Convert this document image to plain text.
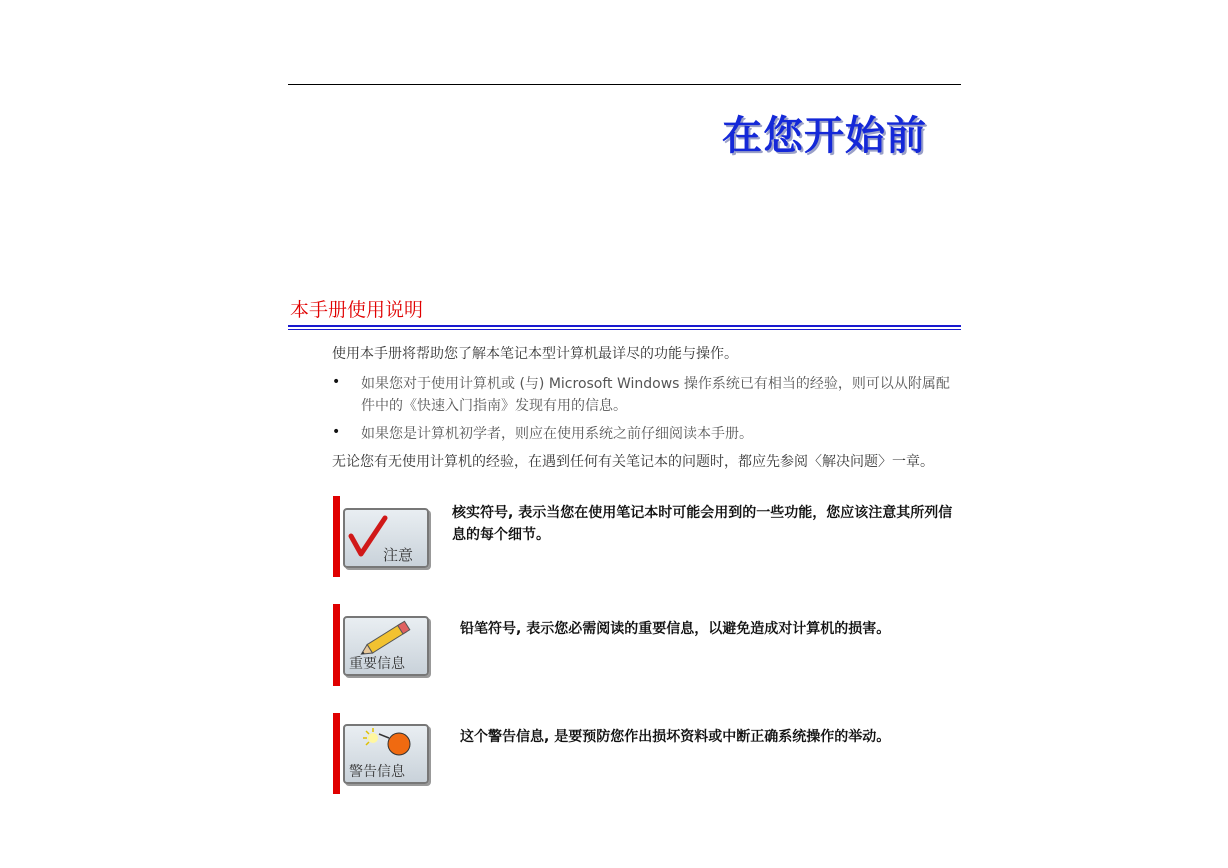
在您开始前
本手册使用说明
使用本手册将帮助您了解本笔记本型计算机最详尽的功能与操作。
• 如果您对于使用计算机或 (与) Microsoft Windows 操作系统已有相当的经验，则可以从附属配件中的《快速入门指南》发现有用的信息。
• 如果您是计算机初学者，则应在使用系统之前仔细阅读本手册。
无论您有无使用计算机的经验，在遇到任何有关笔记本的问题时，都应先参阅〈解决问题〉一章。
注意
核实符号, 表示当您在使用笔记本时可能会用到的一些功能，您应该注意其所列信息的每个细节。
重要信息
铅笔符号, 表示您必需阅读的重要信息，以避免造成对计算机的损害。
警告信息
这个警告信息, 是要预防您作出损坏资料或中断正确系统操作的举动。
